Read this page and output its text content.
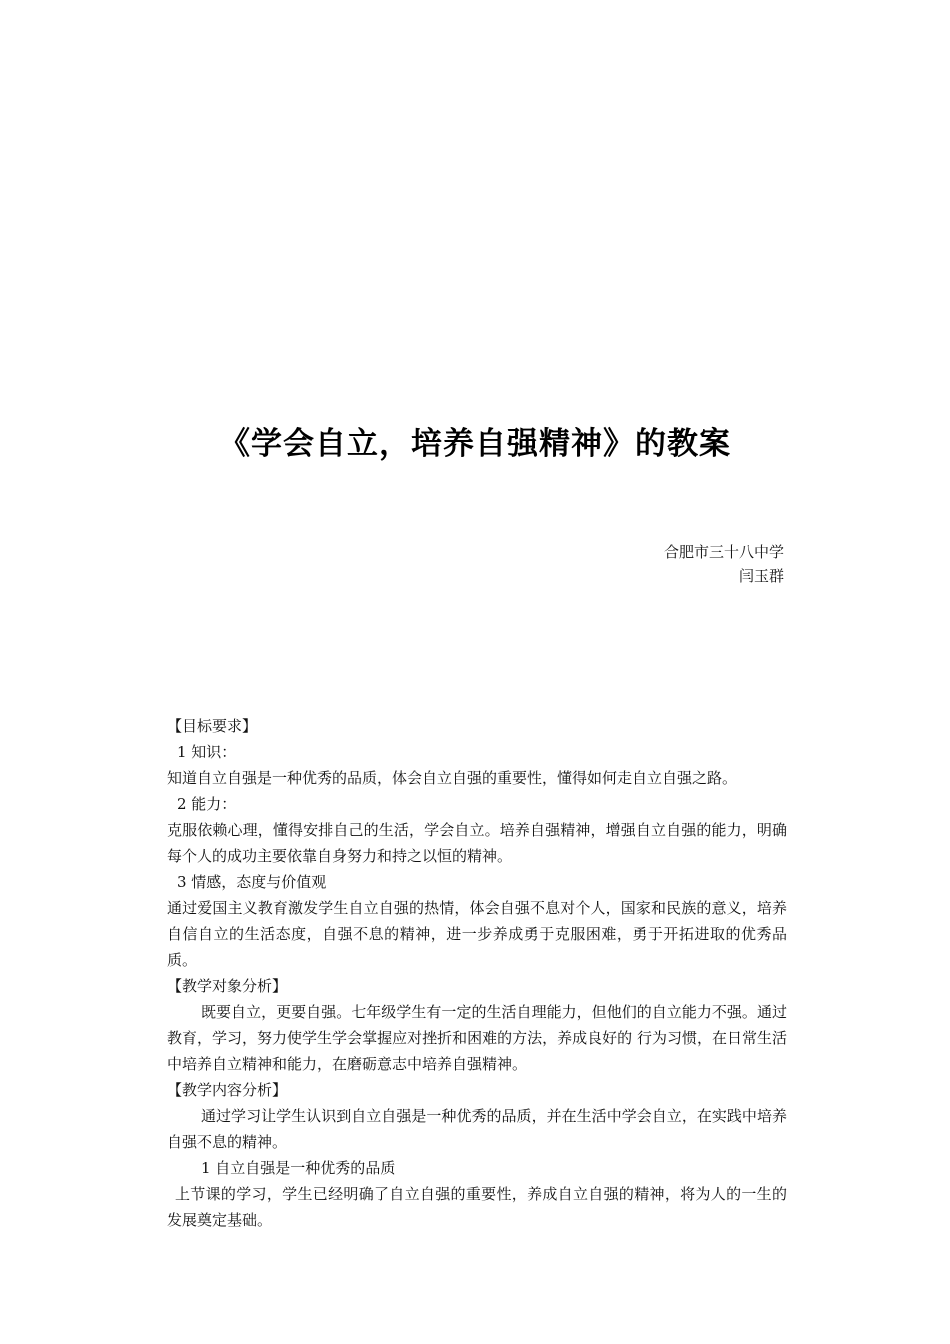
《学会自立，培养自强精神》的教案
合肥市三十八中学
闫玉群

【目标要求】

1 知识：

知道自立自强是一种优秀的品质，体会自立自强的重要性，懂得如何走自立自强之路。

2 能力：

克服依赖心理，懂得安排自己的生活，学会自立。培养自强精神，增强自立自强的能力，明确每个人的成功主要依靠自身努力和持之以恒的精神。

3 情感，态度与价值观

通过爱国主义教育激发学生自立自强的热情，体会自强不息对个人，国家和民族的意义，培养自信自立的生活态度，自强不息的精神，进一步养成勇于克服困难，勇于开拓进取的优秀品质。

【教学对象分析】

既要自立，更要自强。七年级学生有一定的生活自理能力，但他们的自立能力不强。通过教育，学习，努力使学生学会掌握应对挫折和困难的方法，养成良好的 行为习惯，在日常生活中培养自立精神和能力，在磨砺意志中培养自强精神。

【教学内容分析】

通过学习让学生认识到自立自强是一种优秀的品质，并在生活中学会自立，在实践中培养自强不息的精神。

1 自立自强是一种优秀的品质

上节课的学习，学生已经明确了自立自强的重要性，养成自立自强的精神，将为人的一生的发展奠定基础。
